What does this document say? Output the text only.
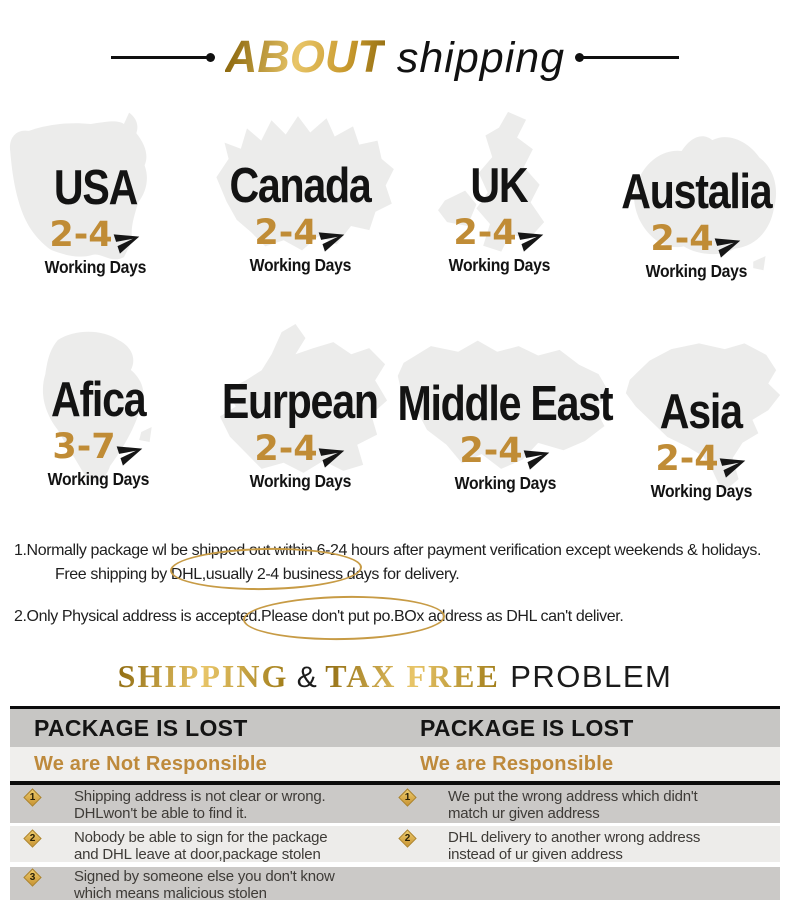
ABOUT shipping
USA
2-4
Working Days
Canada
2-4
Working Days
UK
2-4
Working Days
Austalia
2-4
Working Days
Afica
3-7
Working Days
Eurpean
2-4
Working Days
Middle East
2-4
Working Days
Asia
2-4
Working Days
1.Normally package wl be shipped out within 6-24 hours after payment verification except weekends & holidays.
Free shipping by DHL,usually 2-4 business days for delivery.
2.Only Physical address is accepted.Please don't put po.BOx address as DHL can't deliver.
SHIPPING & TAX FREE PROBLEM
PACKAGE IS LOST	PACKAGE IS LOST
We are Not Responsible	We are Responsible
1	Shipping address is not clear or wrong.
DHLwon't be able to find it.
1	We put the wrong address which didn't
match ur given address
2	Nobody be able to sign for the package
and DHL leave at door,package stolen
2	DHL delivery to another wrong address
instead of ur given address
3	Signed by someone else you don't know
which means malicious stolen
